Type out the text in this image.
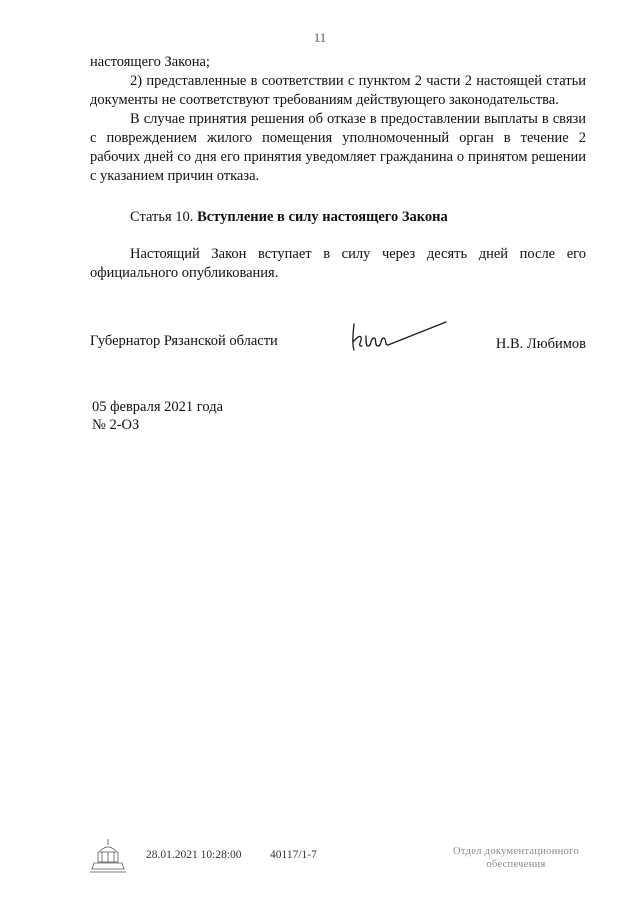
11

настоящего Закона;

2) представленные в соответствии с пунктом 2 части 2 настоящей статьи документы не соответствуют требованиям действующего законодательства.

В случае принятия решения об отказе в предоставлении выплаты в связи с повреждением жилого помещения уполномоченный орган в течение 2 рабочих дней со дня его принятия уведомляет гражданина о принятом решении с указанием причин отказа.

Статья 10. Вступление в силу настоящего Закона

Настоящий Закон вступает в силу через десять дней после его официального опубликования.

Губернатор Рязанской области	Н.В. Любимов
05 февраля 2021 года
№ 2-ОЗ
28.01.2021 10:28:00 40117/1-7	Отдел документационного
обеспечения
